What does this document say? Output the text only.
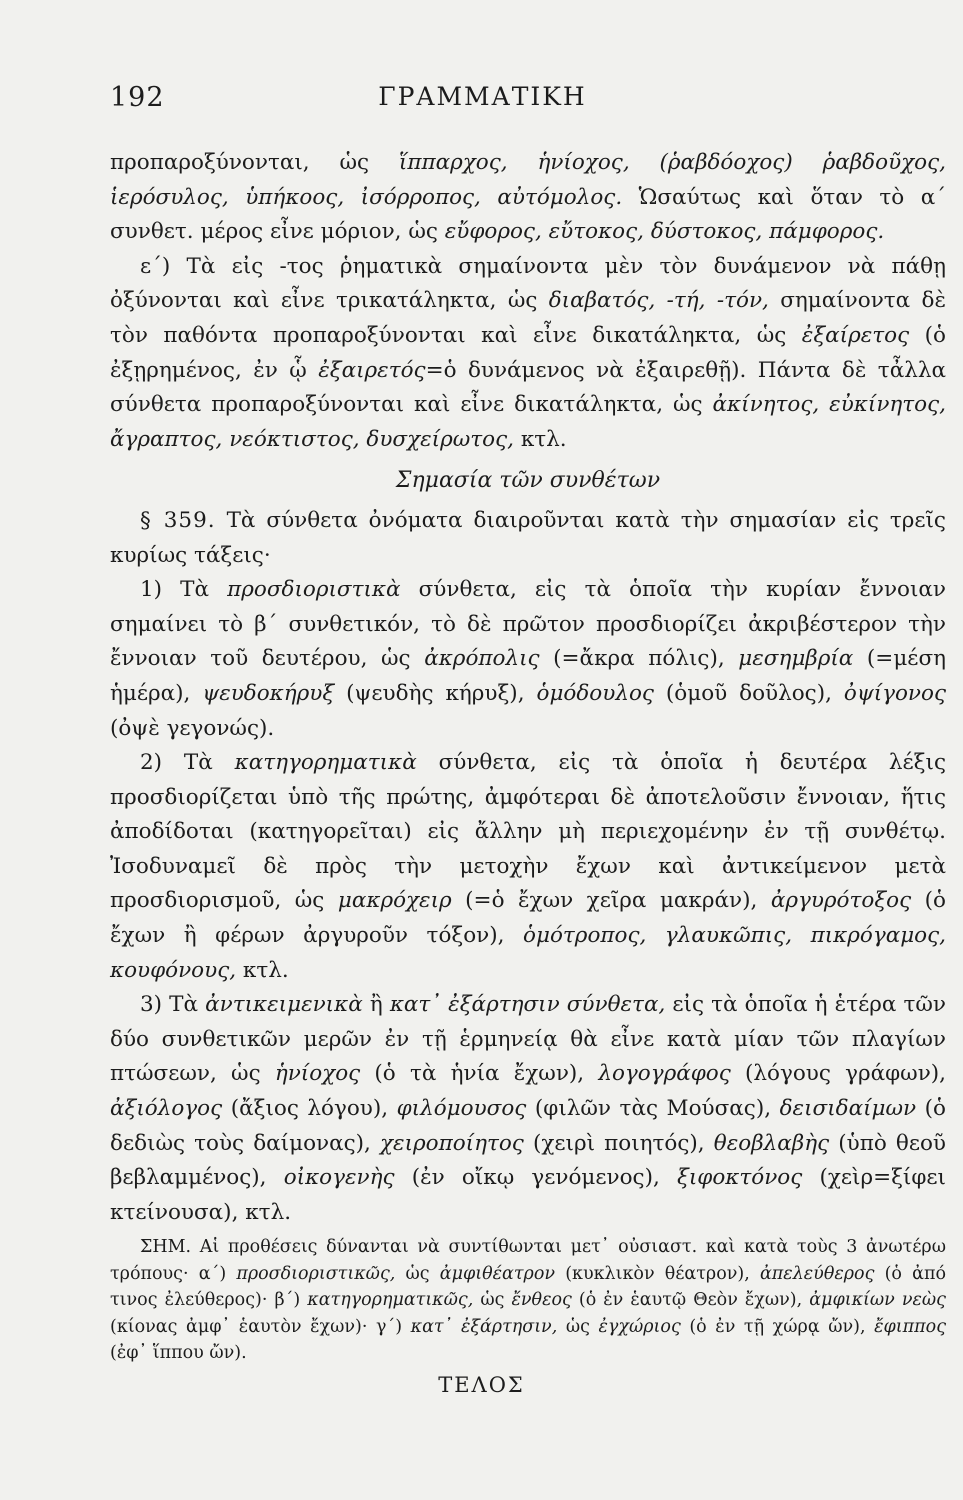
192	ΓΡΑΜΜΑΤΙΚΗ

προπαροξύνονται, ὡς ἵππαρχος, ἡνίοχος, (ῥαβδόοχος) ῥαβδοῦχος, ἱερόσυλος, ὑπήκοος, ἰσόρροπος, αὐτόμολος. Ὡσαύτως καὶ ὅταν τὸ α΄ συνθετ. μέρος εἶνε μόριον, ὡς εὔφορος, εὔτοκος, δύστοκος, πάμφορος.

ε΄) Τὰ εἰς -τος ῥηματικὰ σημαίνοντα μὲν τὸν δυνάμενον νὰ πάθῃ ὀξύνονται καὶ εἶνε τρικατάληκτα, ὡς διαβατός, -τή, -τόν, σημαίνοντα δὲ τὸν παθόντα προπαροξύνονται καὶ εἶνε δικατάληκτα, ὡς ἐξαίρετος (ὁ ἐξῃρημένος, ἐν ᾧ ἐξαιρετός=ὁ δυνάμενος νὰ ἐξαιρεθῇ). Πάντα δὲ τἆλλα σύνθετα προπαροξύνονται καὶ εἶνε δικατάληκτα, ὡς ἀκίνητος, εὐκίνητος, ἄγραπτος, νεόκτιστος, δυσχείρωτος, κτλ.

Σημασία τῶν συνθέτων

§ 359. Τὰ σύνθετα ὀνόματα διαιροῦνται κατὰ τὴν σημασίαν εἰς τρεῖς κυρίως τάξεις·

1) Τὰ προσδιοριστικὰ σύνθετα, εἰς τὰ ὁποῖα τὴν κυρίαν ἔννοιαν σημαίνει τὸ β΄ συνθετικόν, τὸ δὲ πρῶτον προσδιορίζει ἀκριβέστερον τὴν ἔννοιαν τοῦ δευτέρου, ὡς ἀκρόπολις (=ἄκρα πόλις), μεσημβρία (=μέση ἡμέρα), ψευδοκήρυξ (ψευδὴς κήρυξ), ὁμόδουλος (ὁμοῦ δοῦλος), ὀψίγονος (ὀψὲ γεγονώς).

2) Τὰ κατηγορηματικὰ σύνθετα, εἰς τὰ ὁποῖα ἡ δευτέρα λέξις προσδιορίζεται ὑπὸ τῆς πρώτης, ἀμφότεραι δὲ ἀποτελοῦσιν ἔννοιαν, ἥτις ἀποδίδοται (κατηγορεῖται) εἰς ἄλλην μὴ περιεχομένην ἐν τῇ συνθέτῳ. Ἰσοδυναμεῖ δὲ πρὸς τὴν μετοχὴν ἔχων καὶ ἀντικείμενον μετὰ προσδιορισμοῦ, ὡς μακρόχειρ (=ὁ ἔχων χεῖρα μακράν), ἀργυρότοξος (ὁ ἔχων ἢ φέρων ἀργυροῦν τόξον), ὁμότροπος, γλαυκῶπις, πικρόγαμος, κουφόνους, κτλ.

3) Τὰ ἀντικειμενικὰ ἢ κατ᾽ ἐξάρτησιν σύνθετα, εἰς τὰ ὁποῖα ἡ ἑτέρα τῶν δύο συνθετικῶν μερῶν ἐν τῇ ἑρμηνείᾳ θὰ εἶνε κατὰ μίαν τῶν πλαγίων πτώσεων, ὡς ἡνίοχος (ὁ τὰ ἡνία ἔχων), λογογράφος (λόγους γράφων), ἀξιόλογος (ἄξιος λόγου), φιλόμουσος (φιλῶν τὰς Μούσας), δεισιδαίμων (ὁ δεδιὼς τοὺς δαίμονας), χειροποίητος (χειρὶ ποιητός), θεοβλαβὴς (ὑπὸ θεοῦ βεβλαμμένος), οἰκογενὴς (ἐν οἴκῳ γενόμενος), ξιφοκτόνος (χεὶρ=ξίφει κτείνουσα), κτλ.

ΣΗΜ. Αἱ προθέσεις δύνανται νὰ συντίθωνται μετ᾽ οὐσιαστ. καὶ κατὰ τοὺς 3 ἀνωτέρω τρόπους· α΄) προσδιοριστικῶς, ὡς ἀμφιθέατρον (κυκλικὸν θέατρον), ἀπελεύθερος (ὁ ἀπό τινος ἐλεύθερος)· β΄) κατηγορηματικῶς, ὡς ἔνθεος (ὁ ἐν ἑαυτῷ Θεὸν ἔχων), ἀμφικίων νεὼς (κίονας ἀμφ᾽ ἑαυτὸν ἔχων)· γ΄) κατ᾽ ἐξάρτησιν, ὡς ἐγχώριος (ὁ ἐν τῇ χώρᾳ ὤν), ἔφιππος (ἐφ᾽ ἵππου ὤν).

ΤΕΛΟΣ
